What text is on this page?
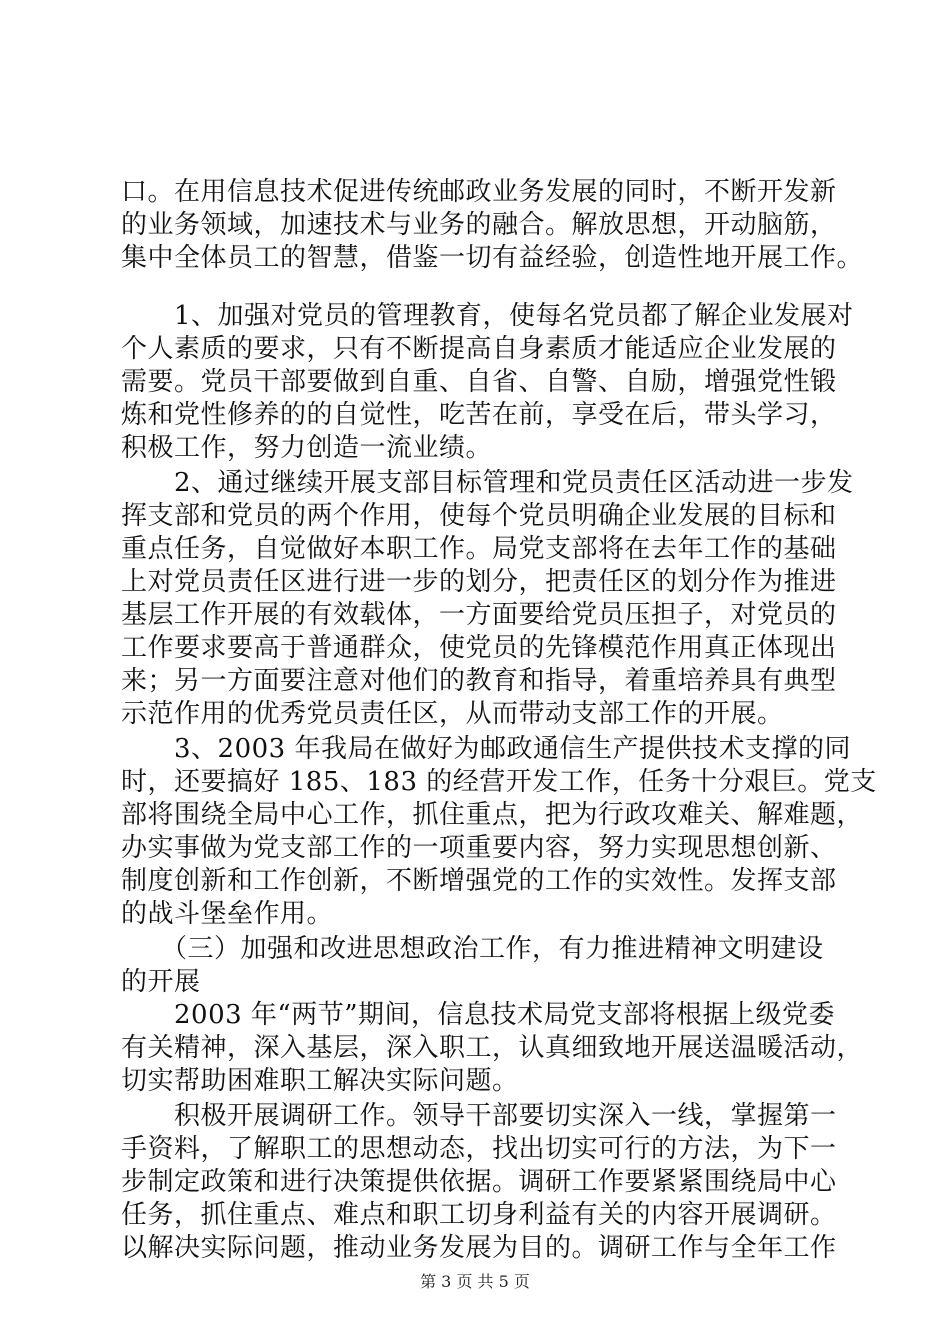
口。在用信息技术促进传统邮政业务发展的同时，不断开发新
的业务领域，加速技术与业务的融合。解放思想，开动脑筋，
集中全体员工的智慧，借鉴一切有益经验，创造性地开展工作。
　　1、加强对党员的管理教育，使每名党员都了解企业发展对
个人素质的要求，只有不断提高自身素质才能适应企业发展的
需要。党员干部要做到自重、自省、自警、自励，增强党性锻
炼和党性修养的的自觉性，吃苦在前，享受在后，带头学习，
积极工作，努力创造一流业绩。
　　2、通过继续开展支部目标管理和党员责任区活动进一步发
挥支部和党员的两个作用，使每个党员明确企业发展的目标和
重点任务，自觉做好本职工作。局党支部将在去年工作的基础
上对党员责任区进行进一步的划分，把责任区的划分作为推进
基层工作开展的有效载体，一方面要给党员压担子，对党员的
工作要求要高于普通群众，使党员的先锋模范作用真正体现出
来；另一方面要注意对他们的教育和指导，着重培养具有典型
示范作用的优秀党员责任区，从而带动支部工作的开展。
　　3、2003 年我局在做好为邮政通信生产提供技术支撑的同
时，还要搞好 185、183 的经营开发工作，任务十分艰巨。党支
部将围绕全局中心工作，抓住重点，把为行政攻难关、解难题，
办实事做为党支部工作的一项重要内容，努力实现思想创新、
制度创新和工作创新，不断增强党的工作的实效性。发挥支部
的战斗堡垒作用。
　　（三）加强和改进思想政治工作，有力推进精神文明建设
的开展
　　2003 年“两节”期间，信息技术局党支部将根据上级党委
有关精神，深入基层，深入职工，认真细致地开展送温暖活动，
切实帮助困难职工解决实际问题。
　　积极开展调研工作。领导干部要切实深入一线，掌握第一
手资料，了解职工的思想动态，找出切实可行的方法，为下一
步制定政策和进行决策提供依据。调研工作要紧紧围绕局中心
任务，抓住重点、难点和职工切身利益有关的内容开展调研。
以解决实际问题，推动业务发展为目的。调研工作与全年工作
第 3 页 共 5 页
